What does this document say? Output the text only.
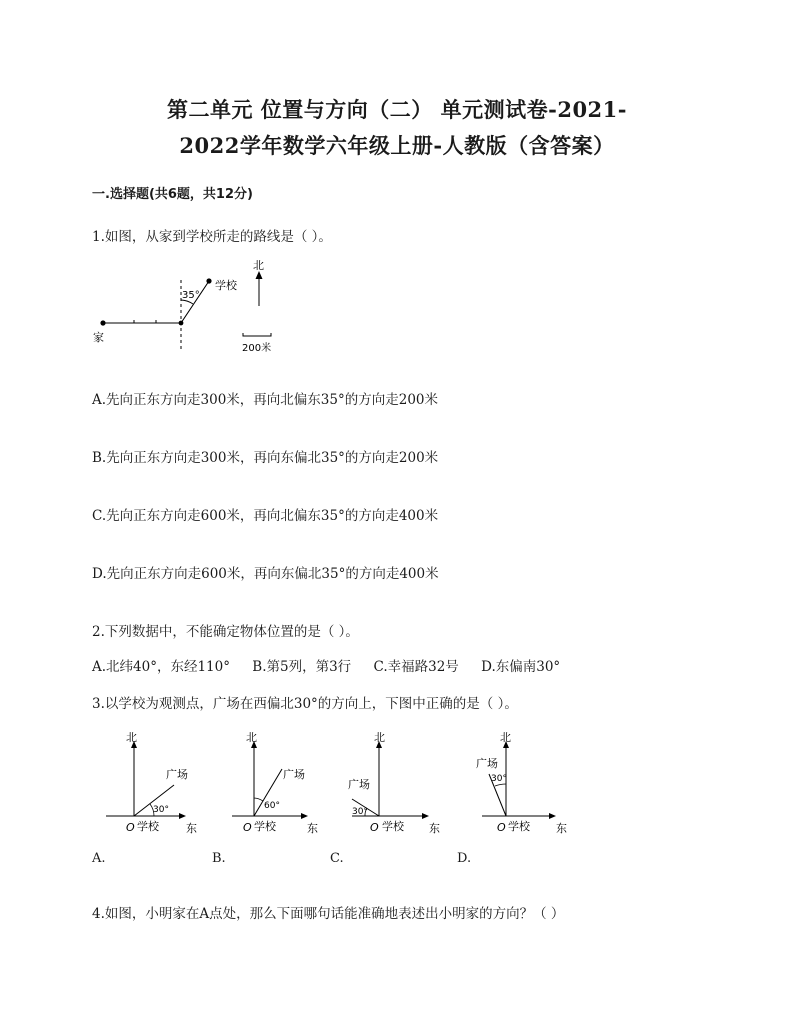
第二单元 位置与方向（二） 单元测试卷-2021-
2022学年数学六年级上册-人教版（含答案）
一.选择题(共6题，共12分)
1.如图，从家到学校所走的路线是（ ）。
35°
学校
家
北
200米
A.先向正东方向走300米，再向北偏东35°的方向走200米
B.先向正东方向走300米，再向东偏北35°的方向走200米
C.先向正东方向走600米，再向北偏东35°的方向走400米
D.先向正东方向走600米，再向东偏北35°的方向走400米
2.下列数据中，不能确定物体位置的是（ ）。
A.北纬40°，东经110° B.第5列，第3行 C.幸福路32号 D.东偏南30°
3.以学校为观测点，广场在西偏北30°的方向上，下图中正确的是（ ）。
北
东
O 学校
广场
30°
北
东
O 学校
广场
60°
北
东
O 学校
广场
30°
北
东
O 学校
广场
30°
A.	B.	C.	D.
4.如图，小明家在A点处，那么下面哪句话能准确地表述出小明家的方向？（ ）
